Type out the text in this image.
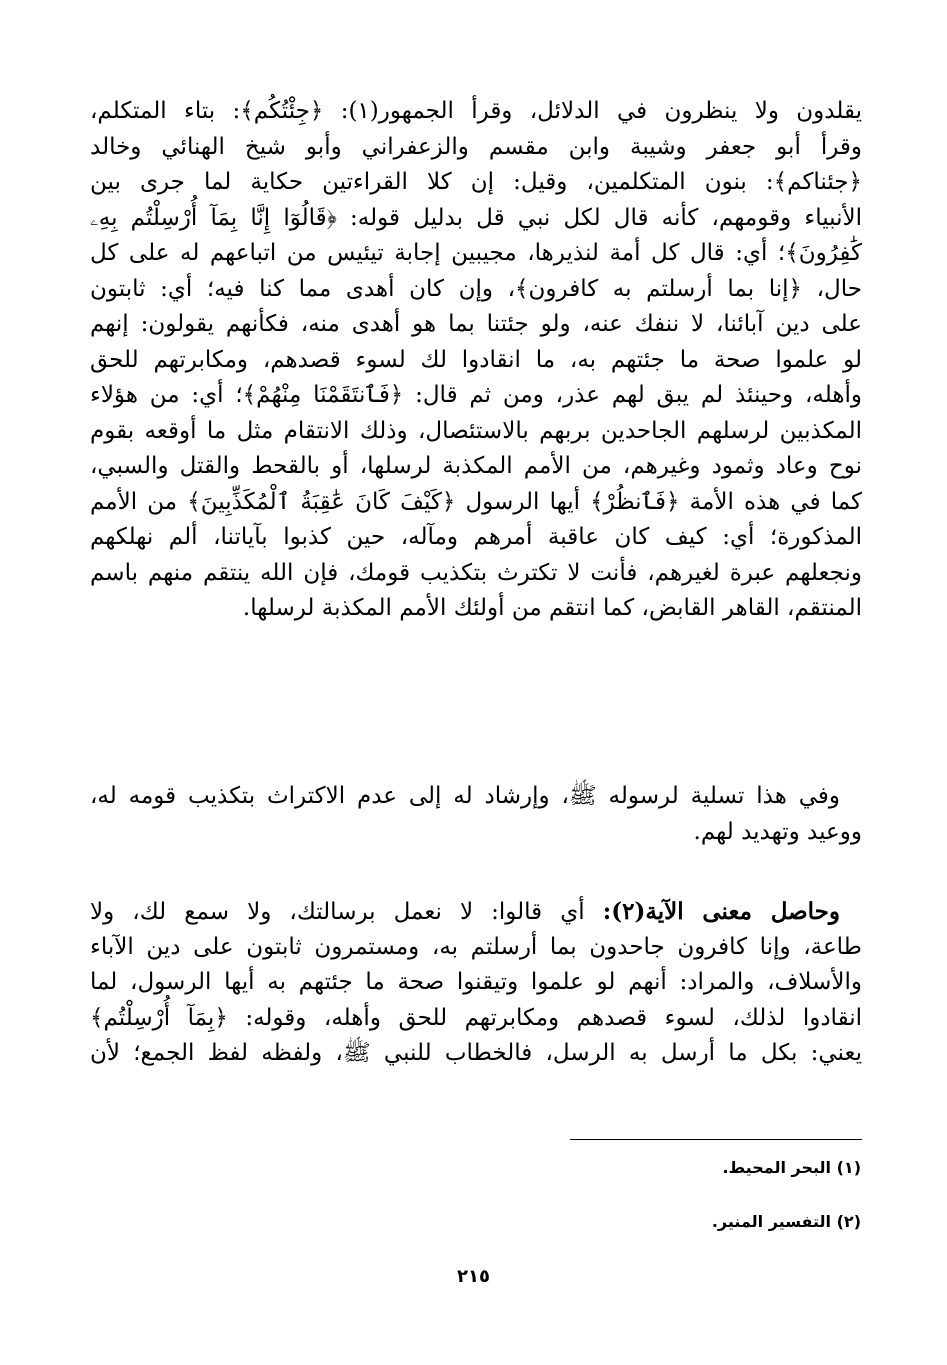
يقلدون ولا ينظرون في الدلائل، وقرأ الجمهور(١): ﴿جِئْتُكُم﴾: بتاء المتكلم،
وقرأ أبو جعفر وشيبة وابن مقسم والزعفراني وأبو شيخ الهنائي وخالد
﴿جئناكم﴾: بنون المتكلمين، وقيل: إن كلا القراءتين حكاية لما جرى بين
الأنبياء وقومهم، كأنه قال لكل نبي قل بدليل قوله: ﴿قَالُوٓا إِنَّا بِمَآ أُرْسِلْتُم بِهِۦ
كَٰفِرُونَ﴾؛ أي: قال كل أمة لنذيرها، مجيبين إجابة تيئيس من اتباعهم له على كل
حال، ﴿إنا بما أرسلتم به كافرون﴾، وإن كان أهدى مما كنا فيه؛ أي: ثابتون
على دين آبائنا، لا ننفك عنه، ولو جئتنا بما هو أهدى منه، فكأنهم يقولون: إنهم
لو علموا صحة ما جئتهم به، ما انقادوا لك لسوء قصدهم، ومكابرتهم للحق
وأهله، وحينئذ لم يبق لهم عذر، ومن ثم قال: ﴿فَٱنتَقَمْنَا مِنْهُمْ﴾؛ أي: من هؤلاء
المكذبين لرسلهم الجاحدين بربهم بالاستئصال، وذلك الانتقام مثل ما أوقعه بقوم
نوح وعاد وثمود وغيرهم، من الأمم المكذبة لرسلها، أو بالقحط والقتل والسبي،
كما في هذه الأمة ﴿فَٱنظُرْ﴾ أيها الرسول ﴿كَيْفَ كَانَ عَٰقِبَةُ ٱلْمُكَذِّبِينَ﴾ من الأمم
المذكورة؛ أي: كيف كان عاقبة أمرهم ومآله، حين كذبوا بآياتنا، ألم نهلكهم
ونجعلهم عبرة لغيرهم، فأنت لا تكترث بتكذيب قومك، فإن الله ينتقم منهم باسم
المنتقم، القاهر القابض، كما انتقم من أولئك الأمم المكذبة لرسلها.
وفي هذا تسلية لرسوله ﷺ، وإرشاد له إلى عدم الاكتراث بتكذيب قومه له،
ووعيد وتهديد لهم.
وحاصل معنى الآية(٢): أي قالوا: لا نعمل برسالتك، ولا سمع لك، ولا
طاعة، وإنا كافرون جاحدون بما أرسلتم به، ومستمرون ثابتون على دين الآباء
والأسلاف، والمراد: أنهم لو علموا وتيقنوا صحة ما جئتهم به أيها الرسول، لما
انقادوا لذلك، لسوء قصدهم ومكابرتهم للحق وأهله، وقوله: ﴿بِمَآ أُرْسِلْتُم﴾
يعني: بكل ما أرسل به الرسل، فالخطاب للنبي ﷺ، ولفظه لفظ الجمع؛ لأن
(١) البحر المحيط.
(٢) التفسير المنير.
٢١٥
